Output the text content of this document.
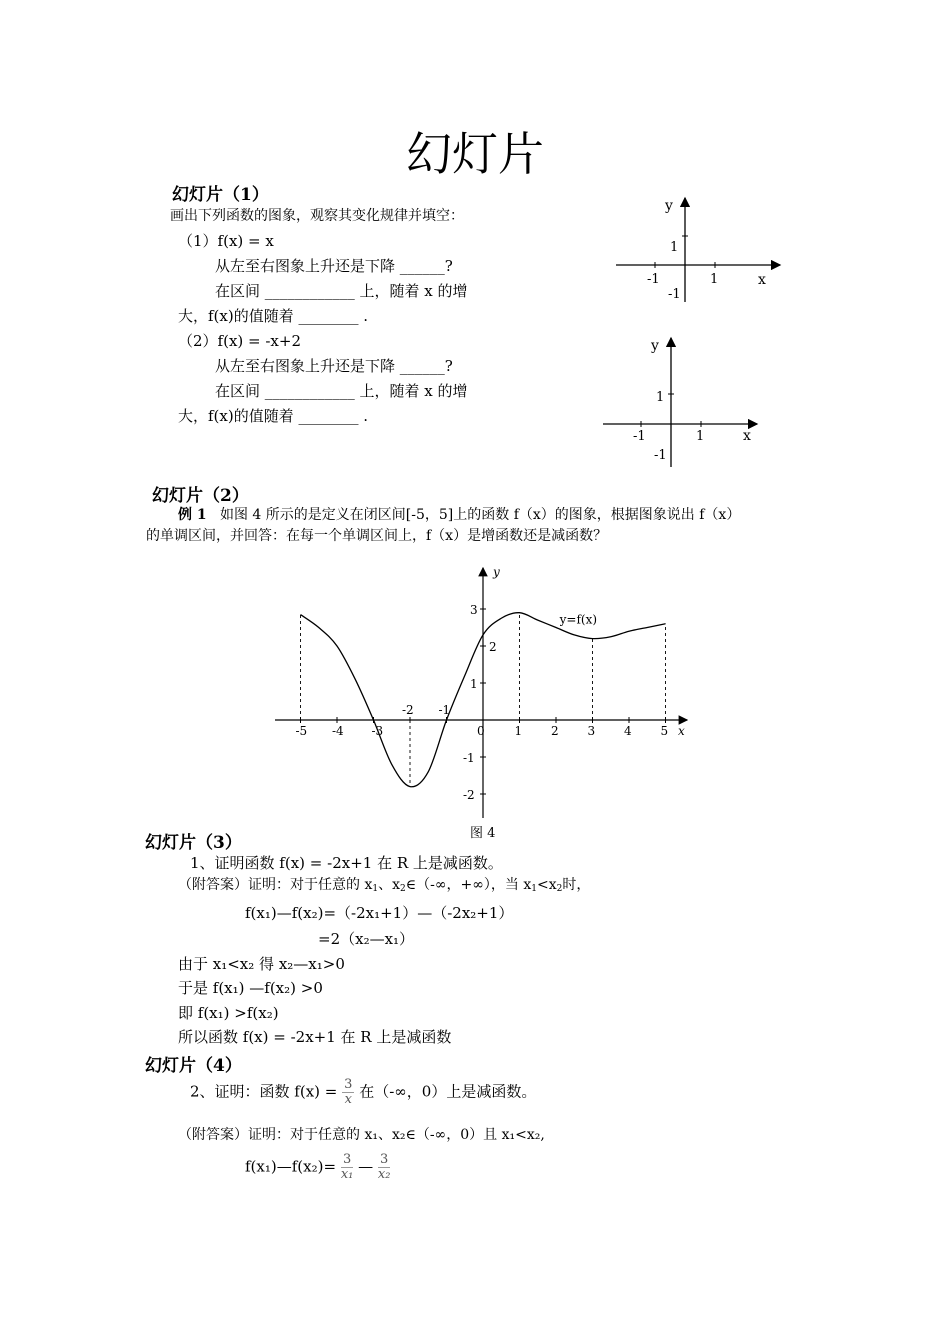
幻灯片
幻灯片（1）
画出下列函数的图象，观察其变化规律并填空：
（1）f(x) = x
从左至右图象上升还是下降 ______?
在区间 ____________ 上，随着 x 的增
大，f(x)的值随着 ________ .
（2）f(x) = -x+2
从左至右图象上升还是下降 ______?
在区间 ____________ 上，随着 x 的增
大，f(x)的值随着 ________ .
y
x
1
-1	1
-1
y
x
1
-1	1
-1
幻灯片（2）
例 1 如图 4 所示的是定义在闭区间[-5，5]上的函数 f（x）的图象，根据图象说出 f（x）
的单调区间，并回答：在每一个单调区间上，f（x）是增函数还是减函数？
-5 -4 -3
-2 -1
0 1 2 3 4 5
3
2
1
-1
-2
x
y
y=f(x)
图 4
幻灯片（3）
1、证明函数 f(x) = -2x+1 在 R 上是减函数。
（附答案）证明：对于任意的 $x_1$、$x_2\in(-\infty$，+∞），当 $x_1<x_2$时，
f(x₁)—f(x₂)=（-2x₁+1）—（-2x₂+1）
=2（x₂—x₁）
由于 x₁<x₂ 得 x₂—x₁>0
于是 f(x₁) —f(x₂) >0
即 f(x₁) >f(x₂)
所以函数 f(x) = -2x+1 在 R 上是减函数
幻灯片（4）
2、证明：函数 $f(x) = \frac{3}{x}$ 在（-∞，0）上是减函数。
（附答案）证明：对于任意的 x₁、x₂∈（-∞，0）且 x₁<x₂,
f(x₁)—f(x₂)= $\frac{3}{\text{x₁}}$ — $\frac{3}{\text{x₂}}$
